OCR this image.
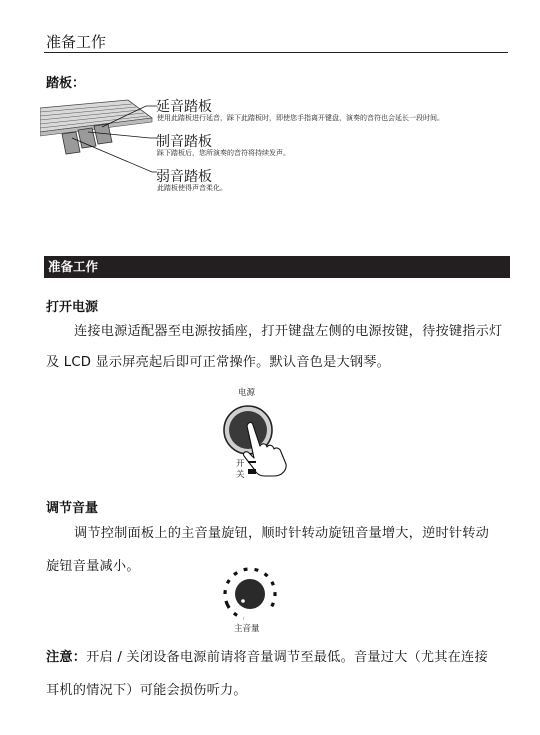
准备工作
踏板：
延音踏板
使用此踏板进行延音，踩下此踏板时，即使您手指离开键盘，演奏的音符也会延长一段时间。
制音踏板
踩下踏板后，您所演奏的音符将持续发声。
弱音踏板
此踏板使得声音柔化。
准备工作
打开电源
连接电源适配器至电源按插座，打开键盘左侧的电源按键，待按键指示灯
及 LCD 显示屏亮起后即可正常操作。默认音色是大钢琴。
电源
开
关
调节音量
调节控制面板上的主音量旋钮，顺时针转动旋钮音量增大，逆时针转动
旋钮音量减小。
主音量
注意：开启 / 关闭设备电源前请将音量调节至最低。音量过大（尤其在连接
耳机的情况下）可能会损伤听力。
